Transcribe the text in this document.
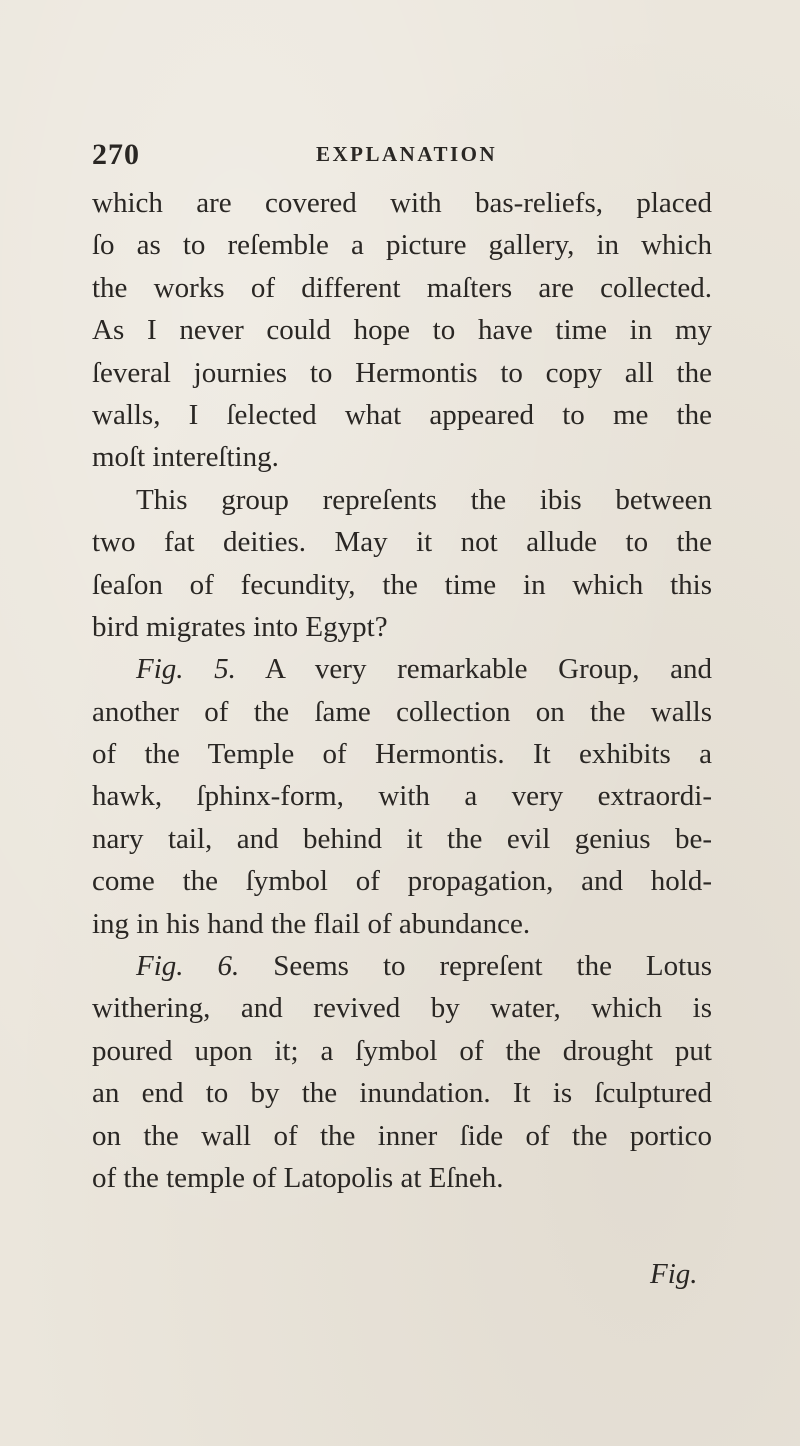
270	EXPLANATION
which are covered with bas-reliefs, placed
ſo as to reſemble a picture gallery, in which
the works of different maſters are collected.
As I never could hope to have time in my
ſeveral journies to Hermontis to copy all the
walls, I ſelected what appeared to me the
moſt intereſting.
This group repreſents the ibis between
two fat deities. May it not allude to the
ſeaſon of fecundity, the time in which this
bird migrates into Egypt?
Fig. 5. A very remarkable Group, and
another of the ſame collection on the walls
of the Temple of Hermontis. It exhibits a
hawk, ſphinx-form, with a very extraordi-
nary tail, and behind it the evil genius be-
come the ſymbol of propagation, and hold-
ing in his hand the flail of abundance.
Fig. 6. Seems to repreſent the Lotus
withering, and revived by water, which is
poured upon it; a ſymbol of the drought put
an end to by the inundation. It is ſculptured
on the wall of the inner ſide of the portico
of the temple of Latopolis at Eſneh.
Fig.
